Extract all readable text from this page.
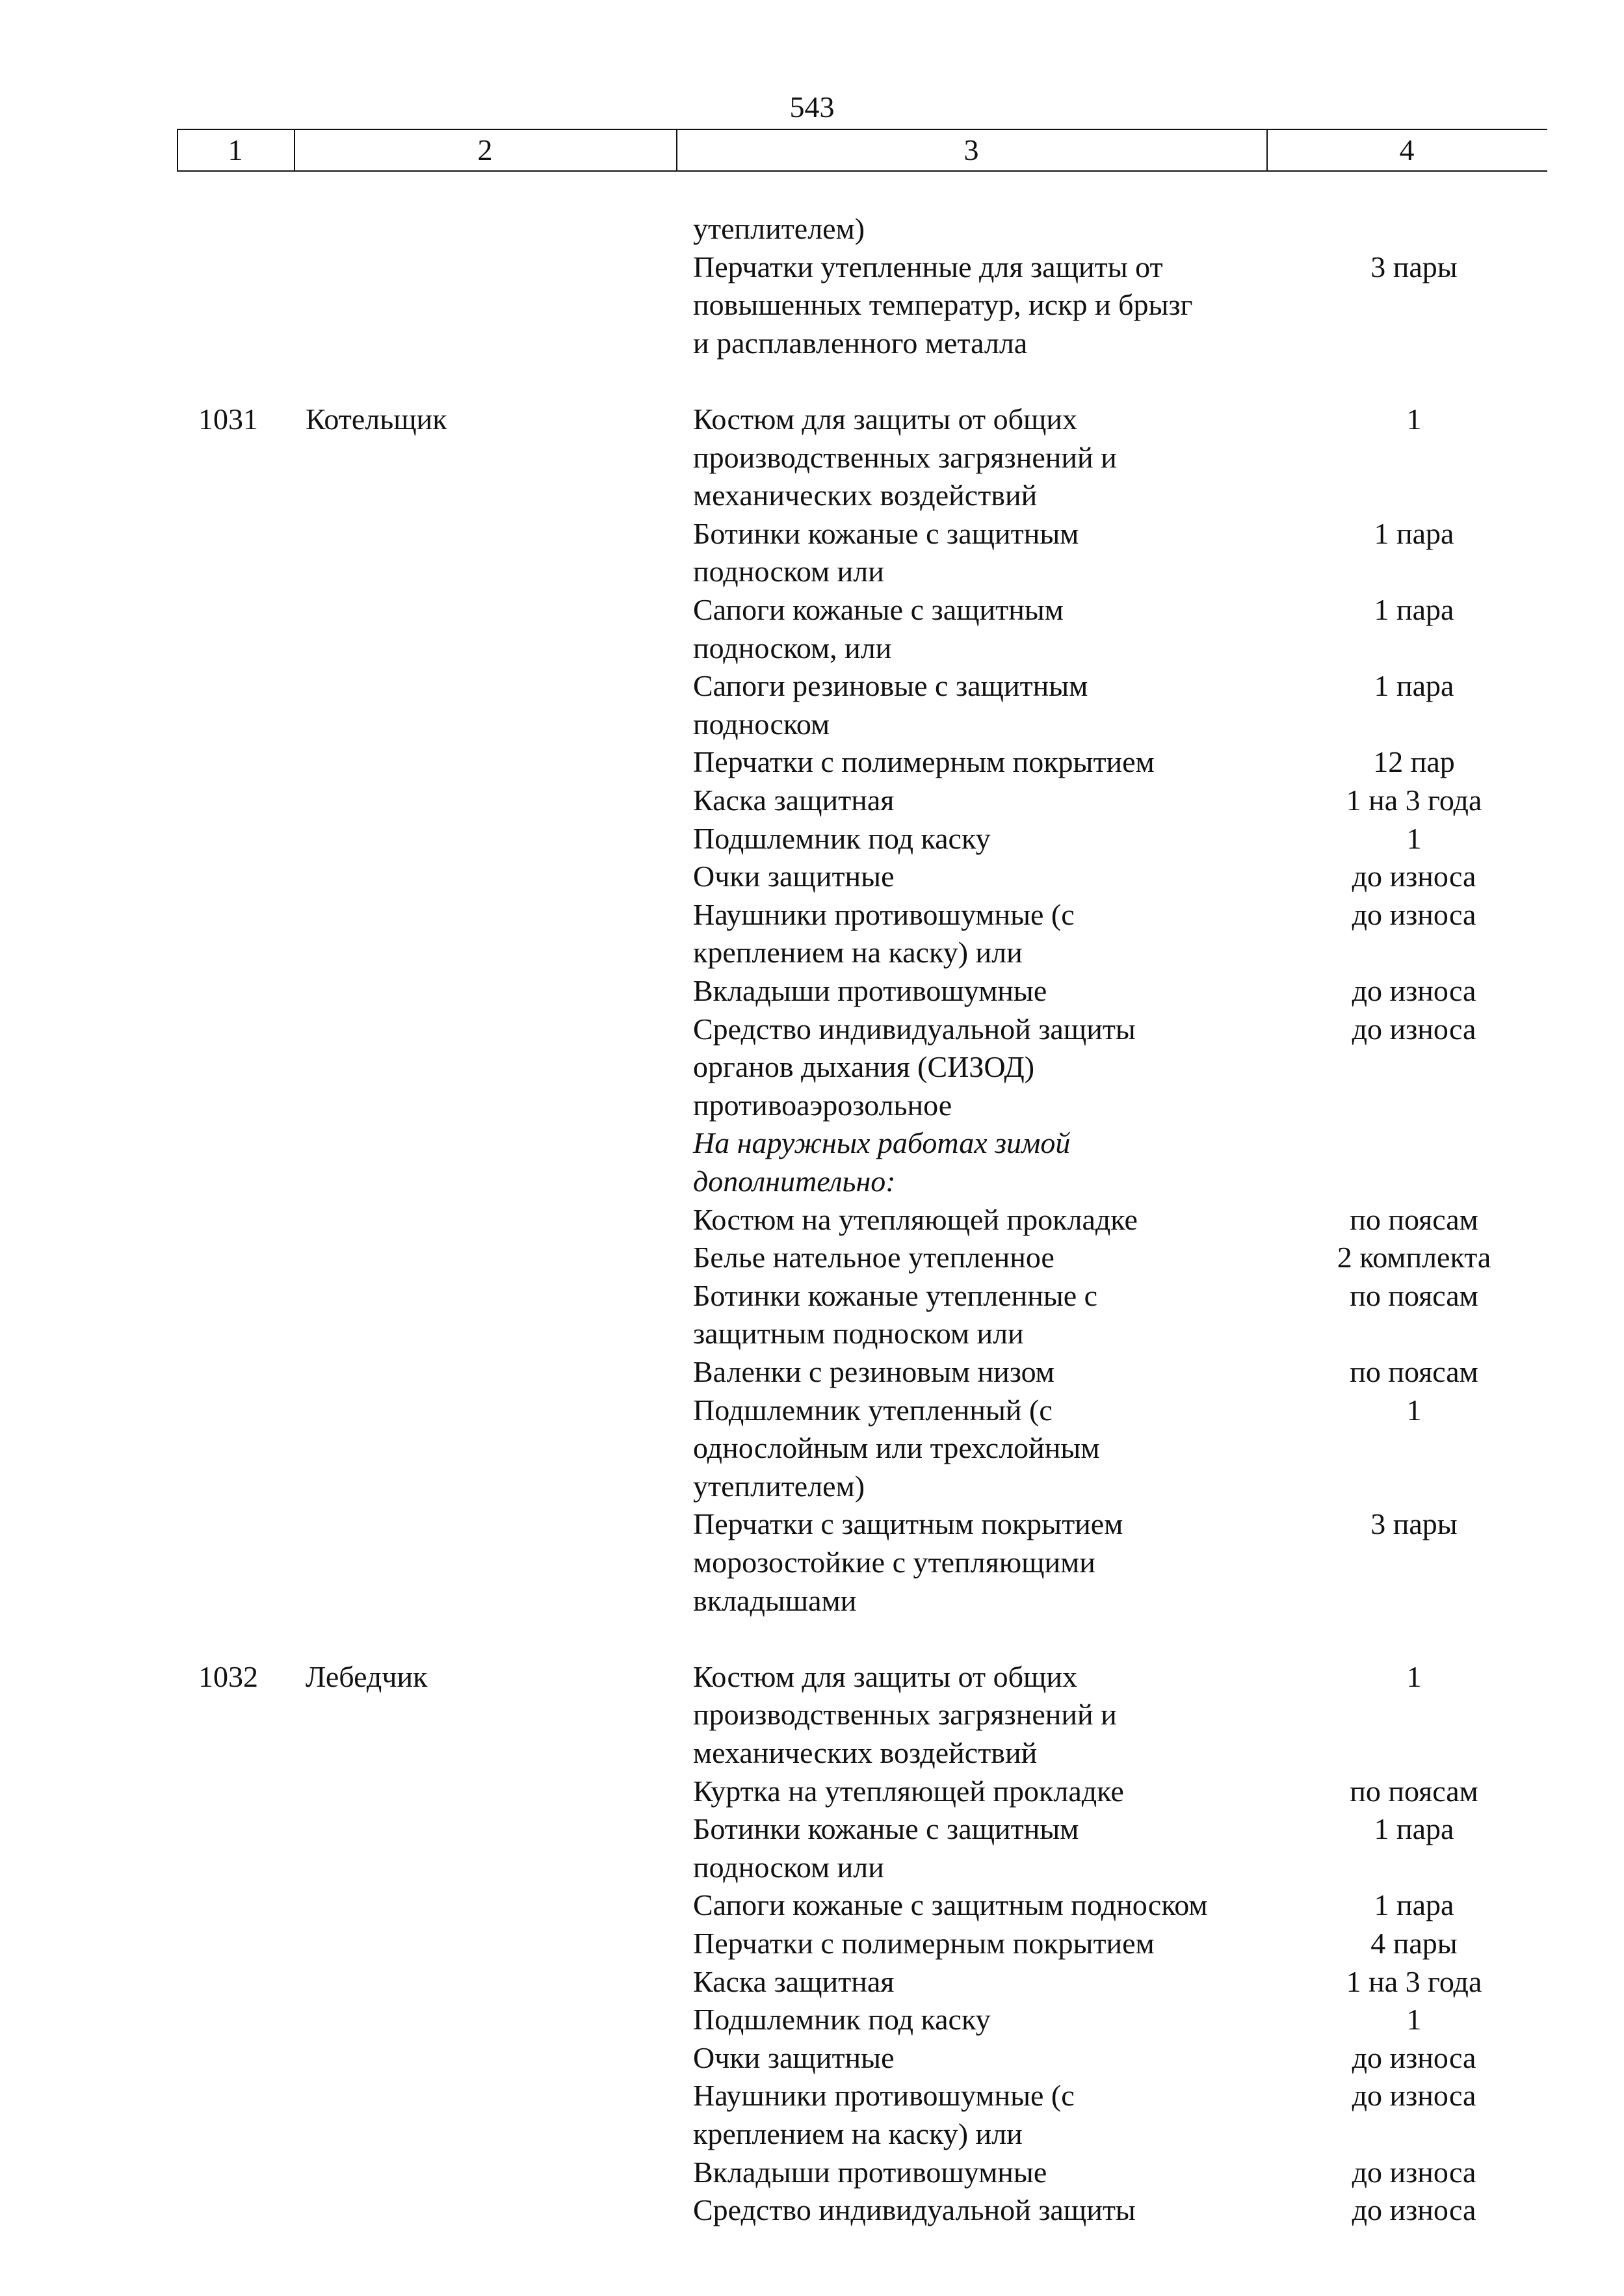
543
1	2	3	4
утеплителем)
Перчатки утепленные для защиты от	3 пары
повышенных температур, искр и брызг
и расплавленного металла
1031 Котельщик	Костюм для защиты от общих	1
производственных загрязнений и
механических воздействий
Ботинки кожаные с защитным	1 пара
подноском или
Сапоги кожаные с защитным	1 пара
подноском, или
Сапоги резиновые с защитным	1 пара
подноском
Перчатки с полимерным покрытием	12 пар
Каска защитная	1 на 3 года
Подшлемник под каску	1
Очки защитные	до износа
Наушники противошумные (с	до износа
креплением на каску) или
Вкладыши противошумные	до износа
Средство индивидуальной защиты	до износа
органов дыхания (СИЗОД)
противоаэрозольное
На наружных работах зимой
дополнительно:
Костюм на утепляющей прокладке	по поясам
Белье нательное утепленное	2 комплекта
Ботинки кожаные утепленные с	по поясам
защитным подноском или
Валенки с резиновым низом	по поясам
Подшлемник утепленный (с	1
однослойным или трехслойным
утеплителем)
Перчатки с защитным покрытием	3 пары
морозостойкие с утепляющими
вкладышами
1032 Лебедчик	Костюм для защиты от общих	1
производственных загрязнений и
механических воздействий
Куртка на утепляющей прокладке	по поясам
Ботинки кожаные с защитным	1 пара
подноском или
Сапоги кожаные с защитным подноском	1 пара
Перчатки с полимерным покрытием	4 пары
Каска защитная	1 на 3 года
Подшлемник под каску	1
Очки защитные	до износа
Наушники противошумные (с	до износа
креплением на каску) или
Вкладыши противошумные	до износа
Средство индивидуальной защиты	до износа
